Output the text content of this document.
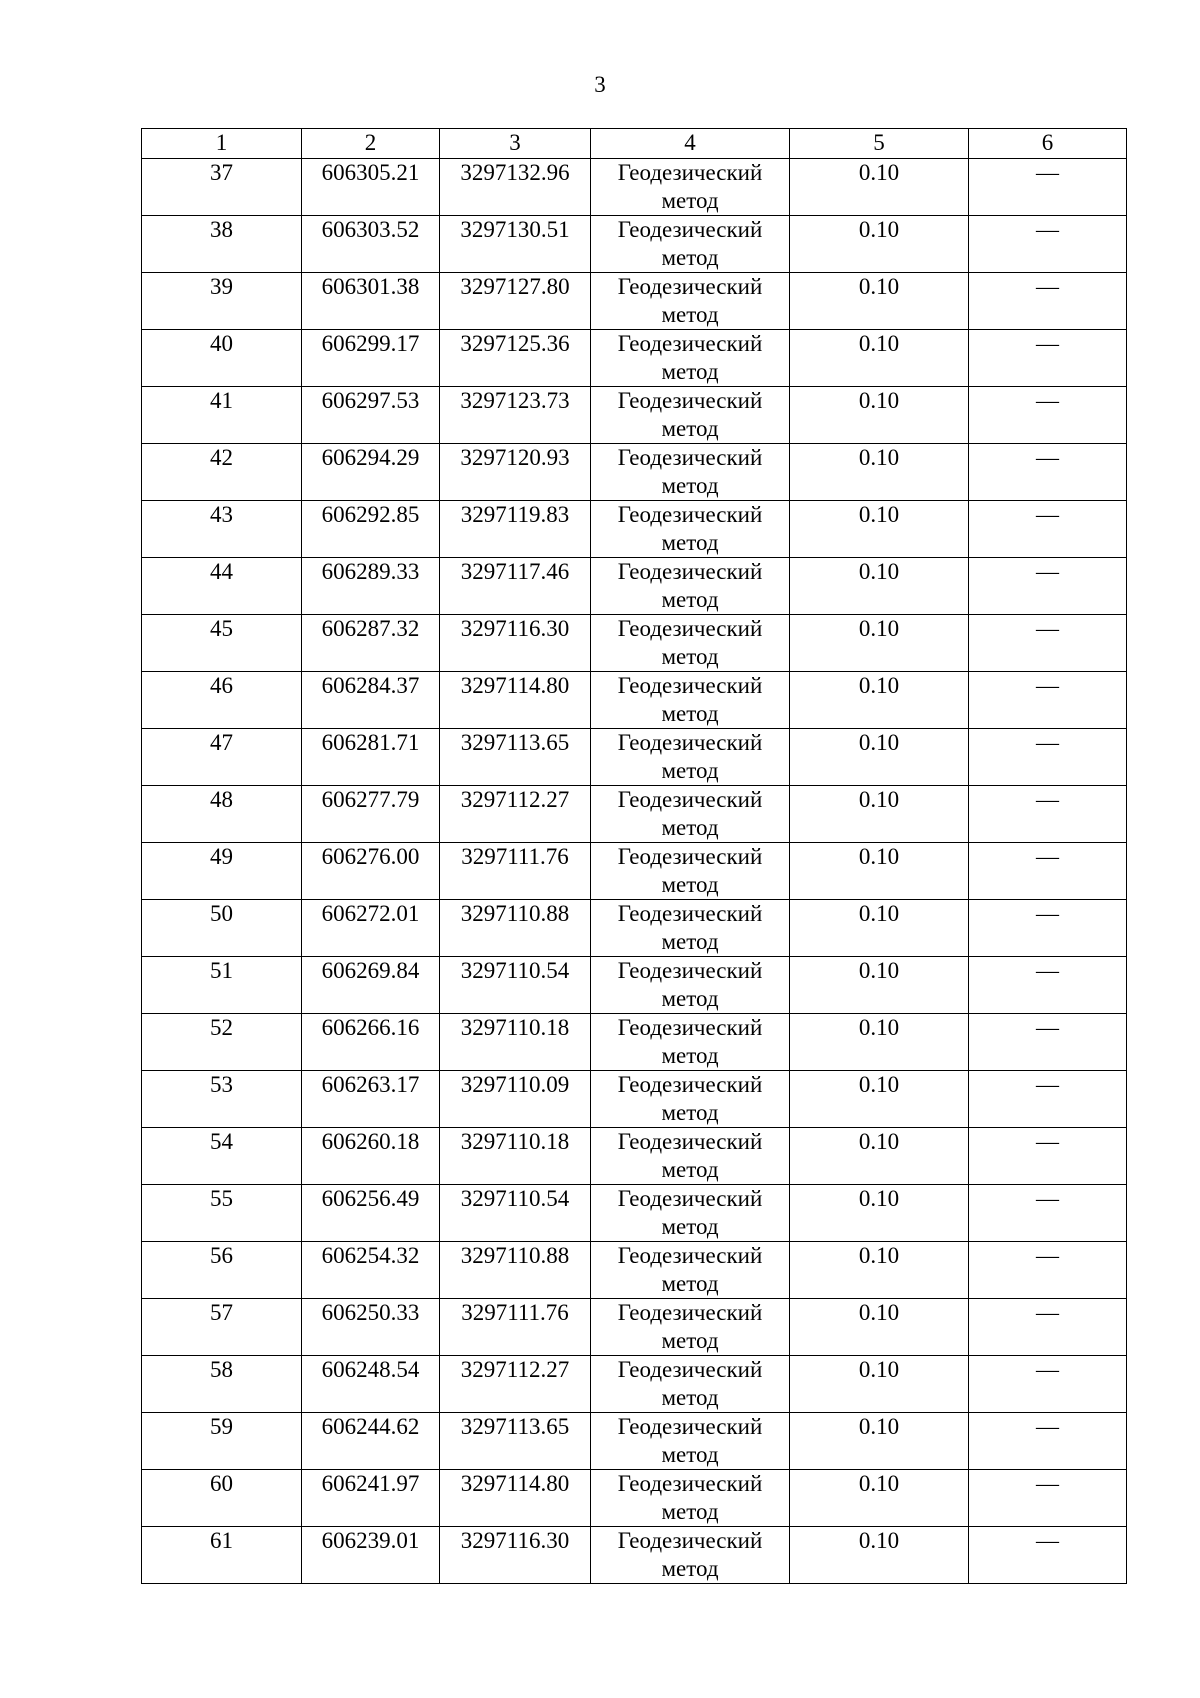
3
1	2	3	4	5	6
37	606305.21	3297132.96	Геодезический метод	0.10	—
38	606303.52	3297130.51	Геодезический метод	0.10	—
39	606301.38	3297127.80	Геодезический метод	0.10	—
40	606299.17	3297125.36	Геодезический метод	0.10	—
41	606297.53	3297123.73	Геодезический метод	0.10	—
42	606294.29	3297120.93	Геодезический метод	0.10	—
43	606292.85	3297119.83	Геодезический метод	0.10	—
44	606289.33	3297117.46	Геодезический метод	0.10	—
45	606287.32	3297116.30	Геодезический метод	0.10	—
46	606284.37	3297114.80	Геодезический метод	0.10	—
47	606281.71	3297113.65	Геодезический метод	0.10	—
48	606277.79	3297112.27	Геодезический метод	0.10	—
49	606276.00	3297111.76	Геодезический метод	0.10	—
50	606272.01	3297110.88	Геодезический метод	0.10	—
51	606269.84	3297110.54	Геодезический метод	0.10	—
52	606266.16	3297110.18	Геодезический метод	0.10	—
53	606263.17	3297110.09	Геодезический метод	0.10	—
54	606260.18	3297110.18	Геодезический метод	0.10	—
55	606256.49	3297110.54	Геодезический метод	0.10	—
56	606254.32	3297110.88	Геодезический метод	0.10	—
57	606250.33	3297111.76	Геодезический метод	0.10	—
58	606248.54	3297112.27	Геодезический метод	0.10	—
59	606244.62	3297113.65	Геодезический метод	0.10	—
60	606241.97	3297114.80	Геодезический метод	0.10	—
61	606239.01	3297116.30	Геодезический метод	0.10	—
